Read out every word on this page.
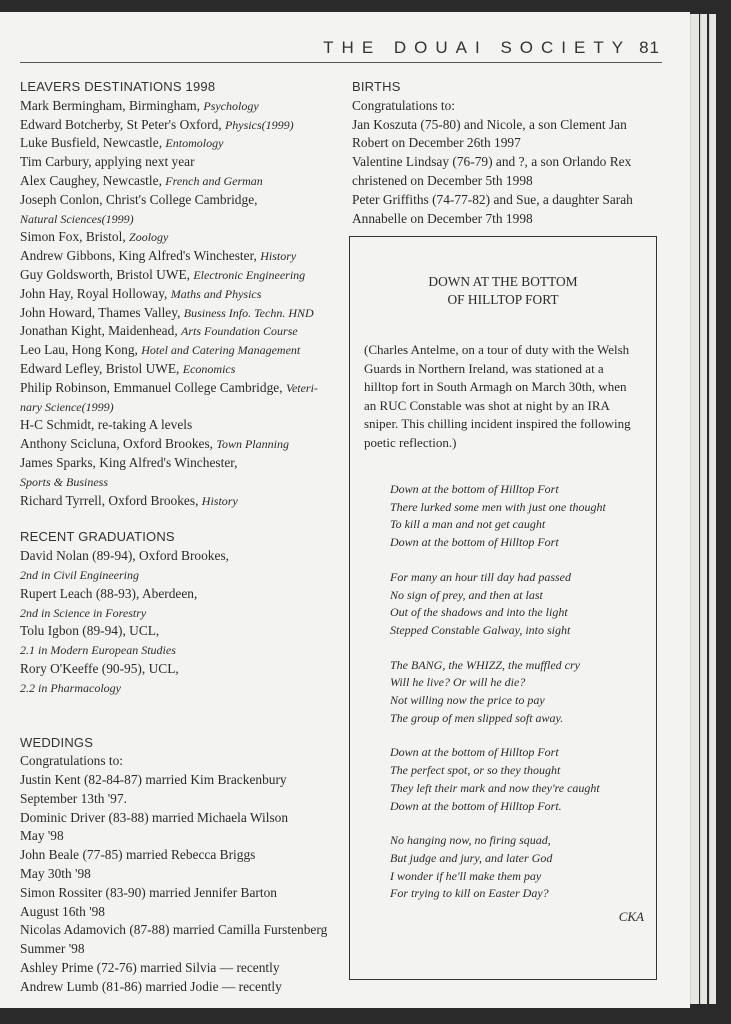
THE DOUAI SOCIETY 81
LEAVERS DESTINATIONS 1998
Mark Bermingham, Birmingham, Psychology
Edward Botcherby, St Peter's Oxford, Physics(1999)
Luke Busfield, Newcastle, Entomology
Tim Carbury, applying next year
Alex Caughey, Newcastle, French and German
Joseph Conlon, Christ's College Cambridge,
Natural Sciences(1999)
Simon Fox, Bristol, Zoology
Andrew Gibbons, King Alfred's Winchester, History
Guy Goldsworth, Bristol UWE, Electronic Engineering
John Hay, Royal Holloway, Maths and Physics
John Howard, Thames Valley, Business Info. Techn. HND
Jonathan Kight, Maidenhead, Arts Foundation Course
Leo Lau, Hong Kong, Hotel and Catering Management
Edward Lefley, Bristol UWE, Economics
Philip Robinson, Emmanuel College Cambridge, Veteri-
nary Science(1999)
H-C Schmidt, re-taking A levels
Anthony Scicluna, Oxford Brookes, Town Planning
James Sparks, King Alfred's Winchester,
Sports & Business
Richard Tyrrell, Oxford Brookes, History
RECENT GRADUATIONS
David Nolan (89-94), Oxford Brookes,
2nd in Civil Engineering
Rupert Leach (88-93), Aberdeen,
2nd in Science in Forestry
Tolu Igbon (89-94), UCL,
2.1 in Modern European Studies
Rory O'Keeffe (90-95), UCL,
2.2 in Pharmacology
WEDDINGS
Congratulations to:
Justin Kent (82-84-87) married Kim Brackenbury
September 13th '97.
Dominic Driver (83-88) married Michaela Wilson
May '98
John Beale (77-85) married Rebecca Briggs
May 30th '98
Simon Rossiter (83-90) married Jennifer Barton
August 16th '98
Nicolas Adamovich (87-88) married Camilla Furstenberg
Summer '98
Ashley Prime (72-76) married Silvia — recently
Andrew Lumb (81-86) married Jodie — recently
BIRTHS
Congratulations to:
Jan Koszuta (75-80) and Nicole, a son Clement Jan
Robert on December 26th 1997
Valentine Lindsay (76-79) and ?, a son Orlando Rex
christened on December 5th 1998
Peter Griffiths (74-77-82) and Sue, a daughter Sarah
Annabelle on December 7th 1998
DOWN AT THE BOTTOM
OF HILLTOP FORT
(Charles Antelme, on a tour of duty with the Welsh
Guards in Northern Ireland, was stationed at a
hilltop fort in South Armagh on March 30th, when
an RUC Constable was shot at night by an IRA
sniper. This chilling incident inspired the following
poetic reflection.)
Down at the bottom of Hilltop Fort
There lurked some men with just one thought
To kill a man and not get caught
Down at the bottom of Hilltop Fort
For many an hour till day had passed
No sign of prey, and then at last
Out of the shadows and into the light
Stepped Constable Galway, into sight
The BANG, the WHIZZ, the muffled cry
Will he live? Or will he die?
Not willing now the price to pay
The group of men slipped soft away.
Down at the bottom of Hilltop Fort
The perfect spot, or so they thought
They left their mark and now they're caught
Down at the bottom of Hilltop Fort.
No hanging now, no firing squad,
But judge and jury, and later God
I wonder if he'll make them pay
For trying to kill on Easter Day?
CKA
